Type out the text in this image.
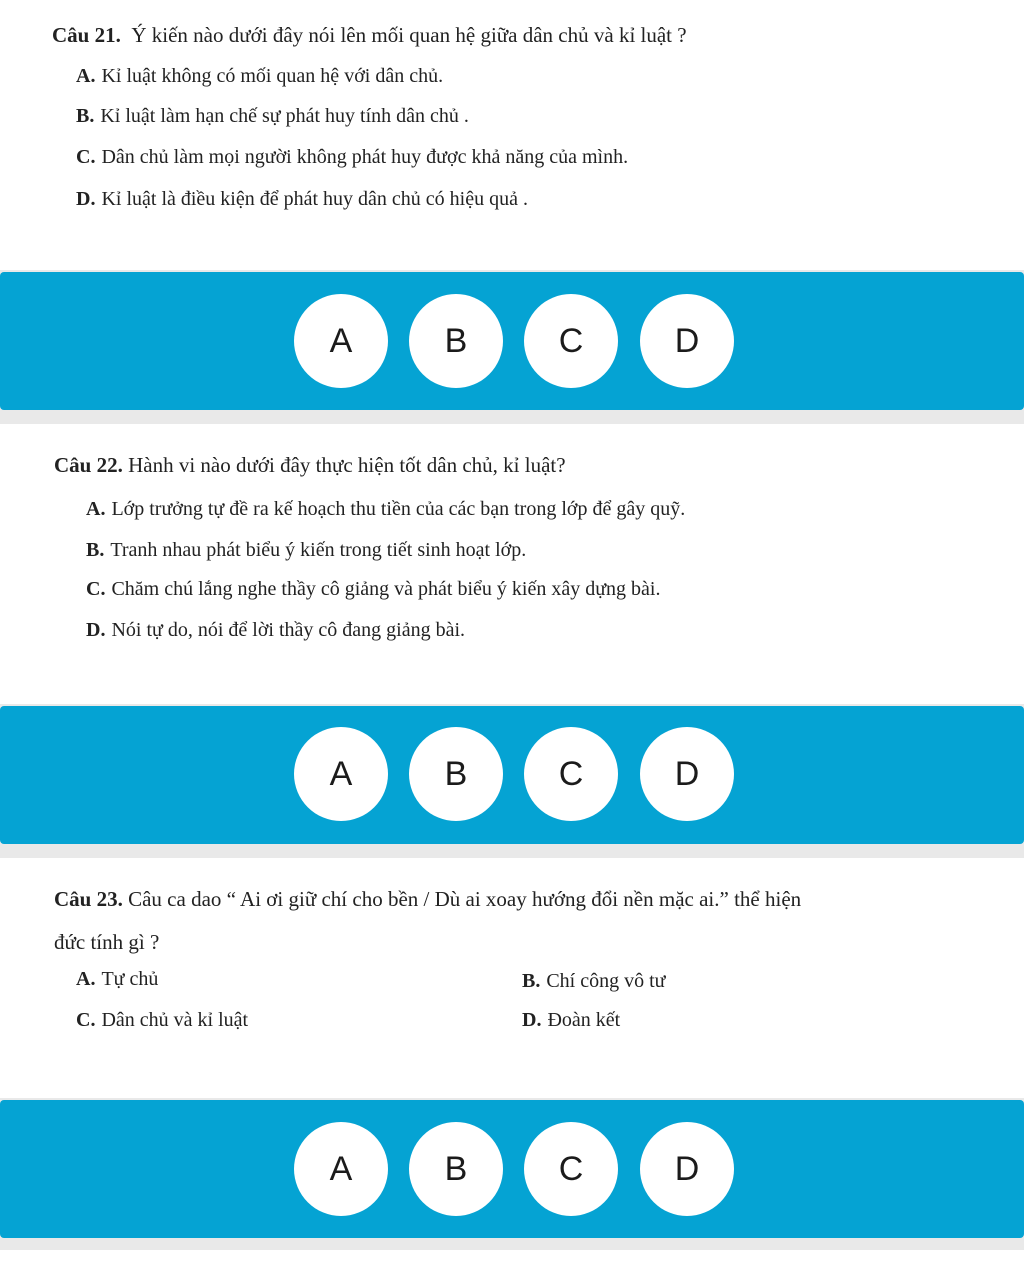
Câu 21. Ý kiến nào dưới đây nói lên mối quan hệ giữa dân chủ và kỉ luật ?
A. Kỉ luật không có mối quan hệ với dân chủ.
B. Kỉ luật làm hạn chế sự phát huy tính dân chủ .
C. Dân chủ làm mọi người không phát huy được khả năng của mình.
D. Kỉ luật là điều kiện để phát huy dân chủ có hiệu quả .
A	B	C	D
Câu 22. Hành vi nào dưới đây thực hiện tốt dân chủ, kỉ luật?
A. Lớp trưởng tự đề ra kế hoạch thu tiền của các bạn trong lớp để gây quỹ.
B. Tranh nhau phát biểu ý kiến trong tiết sinh hoạt lớp.
C. Chăm chú lắng nghe thầy cô giảng và phát biểu ý kiến xây dựng bài.
D. Nói tự do, nói để lời thầy cô đang giảng bài.
A	B	C	D
Câu 23. Câu ca dao “ Ai ơi giữ chí cho bền / Dù ai xoay hướng đổi nền mặc ai.” thể hiện
đức tính gì ?
A. Tự chủ	B. Chí công vô tư
C. Dân chủ và kỉ luật	D. Đoàn kết
A	B	C	D
